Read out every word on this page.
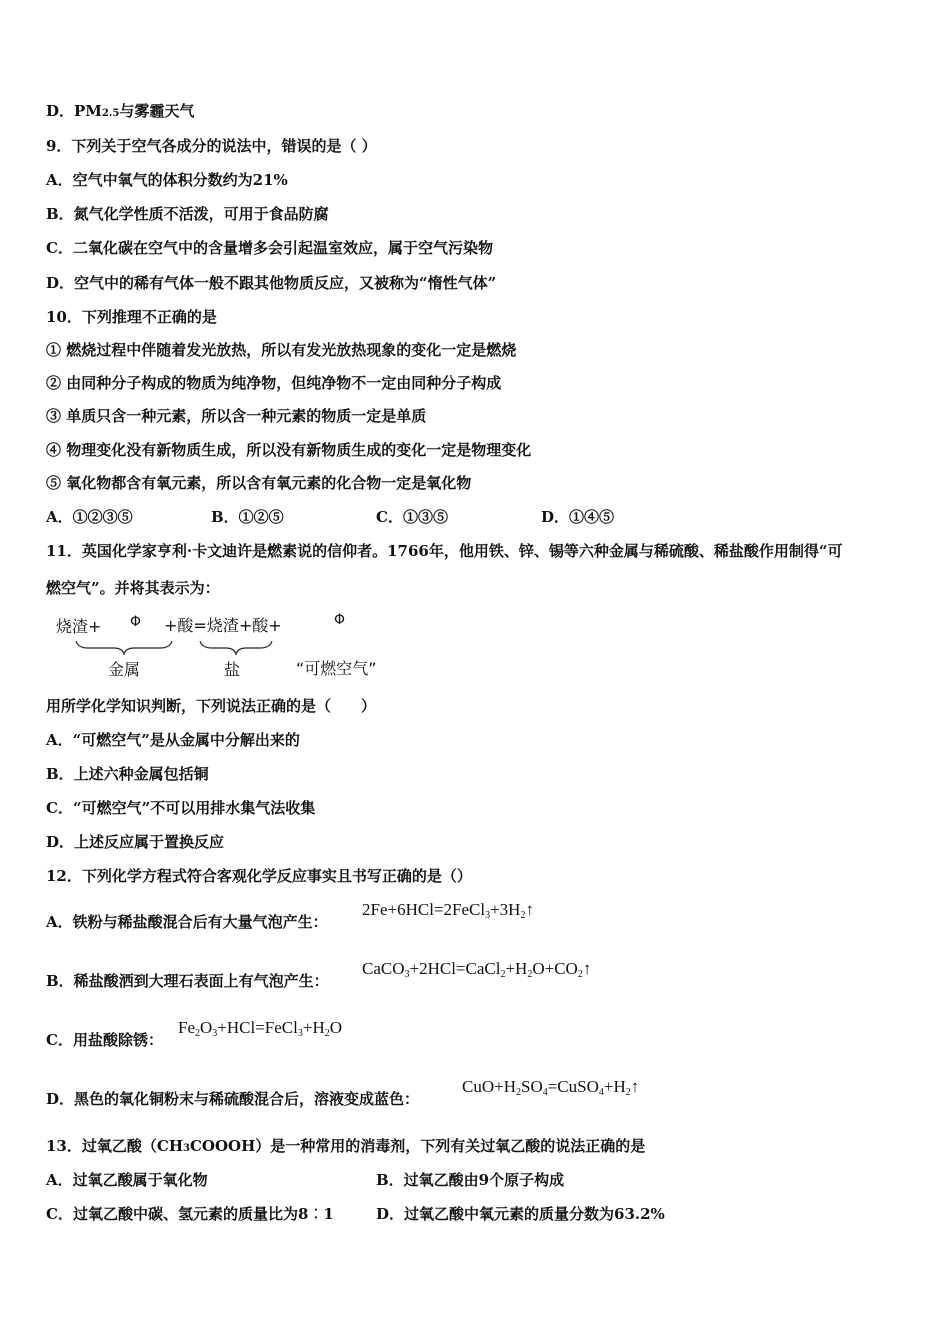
D．PM2.5与雾霾天气
9．下列关于空气各成分的说法中，错误的是（ ）
A．空气中氧气的体积分数约为21%
B．氮气化学性质不活泼，可用于食品防腐
C．二氧化碳在空气中的含量增多会引起温室效应，属于空气污染物
D．空气中的稀有气体一般不跟其他物质反应，又被称为“惰性气体”
10．下列推理不正确的是
① 燃烧过程中伴随着发光放热，所以有发光放热现象的变化一定是燃烧
② 由同种分子构成的物质为纯净物，但纯净物不一定由同种分子构成
③ 单质只含一种元素，所以含一种元素的物质一定是单质
④ 物理变化没有新物质生成，所以没有新物质生成的变化一定是物理变化
⑤ 氧化物都含有氧元素，所以含有氧元素的化合物一定是氧化物
A．①②③⑤	B．①②⑤	C．①③⑤	D．①④⑤
11．英国化学家亨利·卡文迪许是燃素说的信仰者。1766年，他用铁、锌、锡等六种金属与稀硫酸、稀盐酸作用制得“可
燃空气”。并将其表示为：
烧渣+ Φ +酸=烧渣+酸+	Φ
金属	盐	“可燃空气”
用所学化学知识判断，下列说法正确的是（　　）
A．“可燃空气”是从金属中分解出来的
B．上述六种金属包括铜
C．“可燃空气”不可以用排水集气法收集
D．上述反应属于置换反应
12．下列化学方程式符合客观化学反应事实且书写正确的是（）
A．铁粉与稀盐酸混合后有大量气泡产生：
$2Fe+6HCl=2FeCl_3+3H_2↑$
B．稀盐酸洒到大理石表面上有气泡产生：
$CaCO_3+2HCl=CaCl_2+H_2O+CO_2↑$
C．用盐酸除锈：
$Fe_2O_3+HCl=FeCl_3+H_2O$
D．黑色的氧化铜粉末与稀硫酸混合后，溶液变成蓝色：
$CuO+H_2SO_4=CuSO_4+H_2↑$
13．过氧乙酸（CH3COOOH）是一种常用的消毒剂，下列有关过氧乙酸的说法正确的是
A．过氧乙酸属于氧化物	B．过氧乙酸由9个原子构成
C．过氧乙酸中碳、氢元素的质量比为8︰1	D．过氧乙酸中氧元素的质量分数为63.2%
